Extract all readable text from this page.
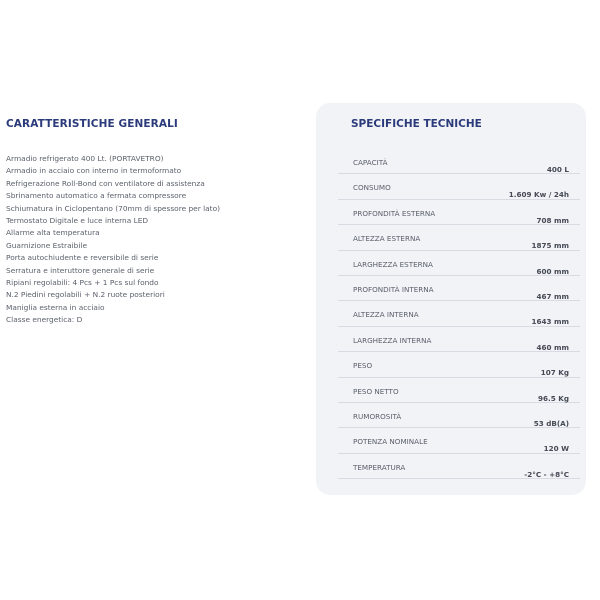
CARATTERISTICHE GENERALI
Armadio refrigerato 400 Lt. (PORTAVETRO)
Armadio in acciaio con interno in termoformato
Refrigerazione Roll-Bond con ventilatore di assistenza
Sbrinamento automatico a fermata compressore
Schiumatura in Ciclopentano (70mm di spessore per lato)
Termostato Digitale e luce interna LED
Allarme alta temperatura
Guarnizione Estraibile
Porta autochiudente e reversibile di serie
Serratura e interuttore generale di serie
Ripiani regolabili: 4 Pcs + 1 Pcs sul fondo
N.2 Piedini regolabili + N.2 ruote posteriori
Maniglia esterna in acciaio
Classe energetica: D
SPECIFICHE TECNICHE
CAPACITÀ
400 L
CONSUMO
1.609 Kw / 24h
PROFONDITÀ ESTERNA
708 mm
ALTEZZA ESTERNA
1875 mm
LARGHEZZA ESTERNA
600 mm
PROFONDITÀ INTERNA
467 mm
ALTEZZA INTERNA
1643 mm
LARGHEZZA INTERNA
460 mm
PESO
107 Kg
PESO NETTO
96.5 Kg
RUMOROSITÀ
53 dB(A)
POTENZA NOMINALE
120 W
TEMPERATURA
-2°C - +8°C
